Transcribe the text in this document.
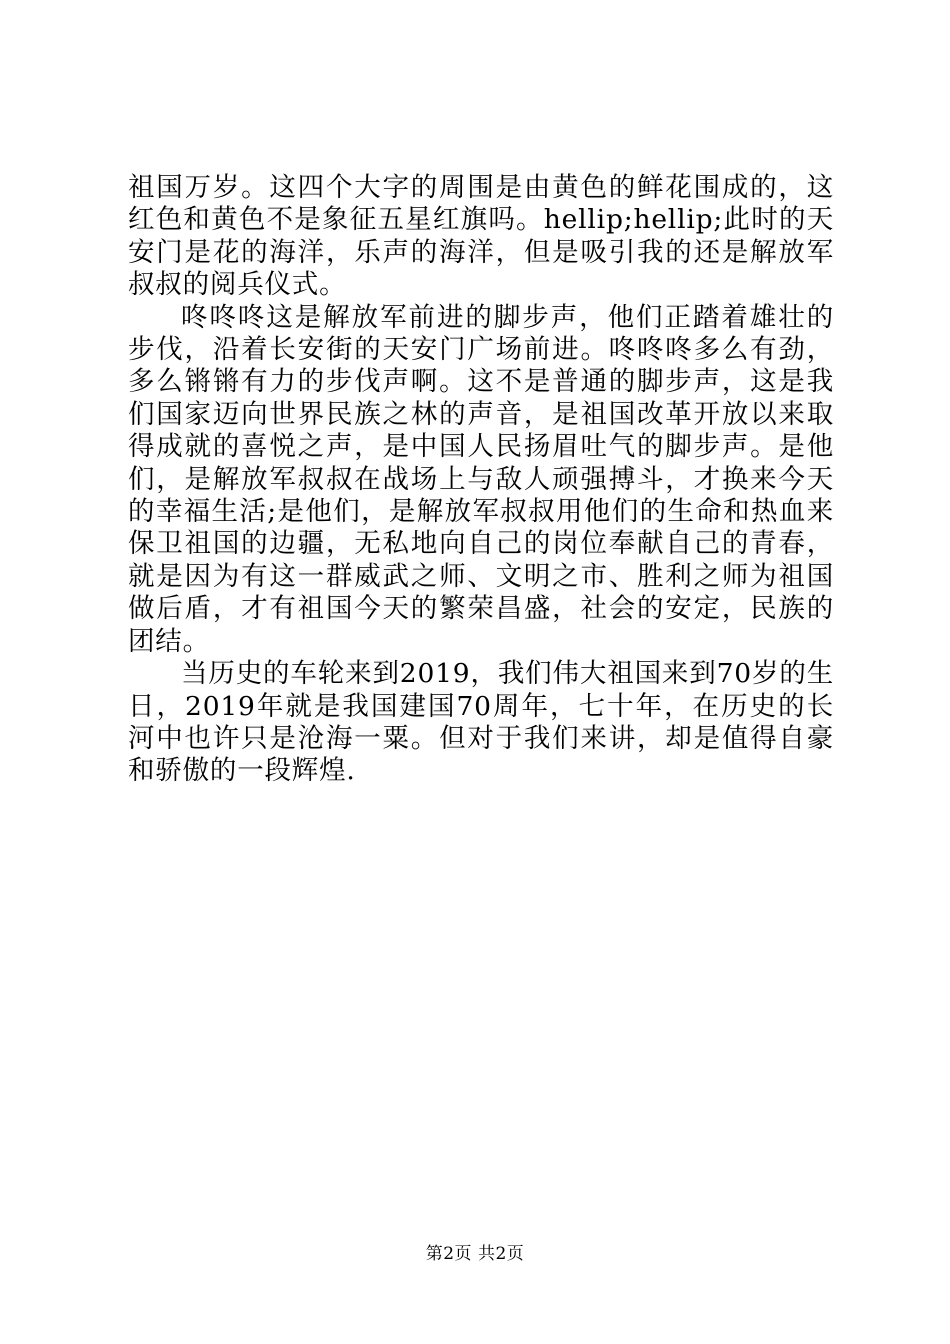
祖国万岁。这四个大字的周围是由黄色的鲜花围成的，这红色和黄色不是象征五星红旗吗。hellip;hellip;此时的天安门是花的海洋，乐声的海洋，但是吸引我的还是解放军叔叔的阅兵仪式。

咚咚咚这是解放军前进的脚步声，他们正踏着雄壮的步伐，沿着长安街的天安门广场前进。咚咚咚多么有劲，多么锵锵有力的步伐声啊。这不是普通的脚步声，这是我们国家迈向世界民族之林的声音，是祖国改革开放以来取得成就的喜悦之声，是中国人民扬眉吐气的脚步声。是他们，是解放军叔叔在战场上与敌人顽强搏斗，才换来今天的幸福生活;是他们，是解放军叔叔用他们的生命和热血来保卫祖国的边疆，无私地向自己的岗位奉献自己的青春，就是因为有这一群威武之师、文明之市、胜利之师为祖国做后盾，才有祖国今天的繁荣昌盛，社会的安定，民族的团结。

当历史的车轮来到2019，我们伟大祖国来到70岁的生日，2019年就是我国建国70周年，七十年，在历史的长河中也许只是沧海一粟。但对于我们来讲，却是值得自豪和骄傲的一段辉煌.

第2页 共2页
